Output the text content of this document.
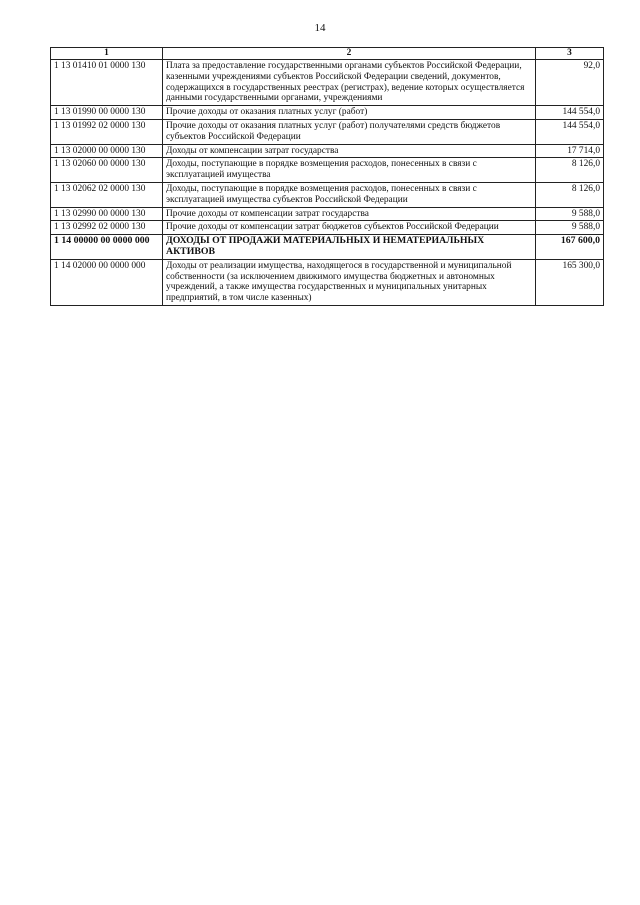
14
1	2	3
1 13 01410 01 0000 130	Плата за предоставление государственными органами субъектов Российской Федерации, казенными учреждениями субъектов Российской Федерации сведений, документов, содержащихся в государственных реестрах (регистрах), ведение которых осуществляется данными государственными органами, учреждениями	92,0
1 13 01990 00 0000 130	Прочие доходы от оказания платных услуг (работ)	144 554,0
1 13 01992 02 0000 130	Прочие доходы от оказания платных услуг (работ) получателями средств бюджетов субъектов Российской Федерации	144 554,0
1 13 02000 00 0000 130	Доходы от компенсации затрат государства	17 714,0
1 13 02060 00 0000 130	Доходы, поступающие в порядке возмещения расходов, понесенных в связи с эксплуатацией имущества	8 126,0
1 13 02062 02 0000 130	Доходы, поступающие в порядке возмещения расходов, понесенных в связи с эксплуатацией имущества субъектов Российской Федерации	8 126,0
1 13 02990 00 0000 130	Прочие доходы от компенсации затрат государства	9 588,0
1 13 02992 02 0000 130	Прочие доходы от компенсации затрат бюджетов субъектов Российской Федерации	9 588,0
1 14 00000 00 0000 000	ДОХОДЫ ОТ ПРОДАЖИ МАТЕРИАЛЬНЫХ И НЕМАТЕРИАЛЬНЫХ АКТИВОВ	167 600,0
1 14 02000 00 0000 000	Доходы от реализации имущества, находящегося в государственной и муниципальной собственности (за исключением движимого имущества бюджетных и автономных учреждений, а также имущества государственных и муниципальных унитарных предприятий, в том числе казенных)	165 300,0
